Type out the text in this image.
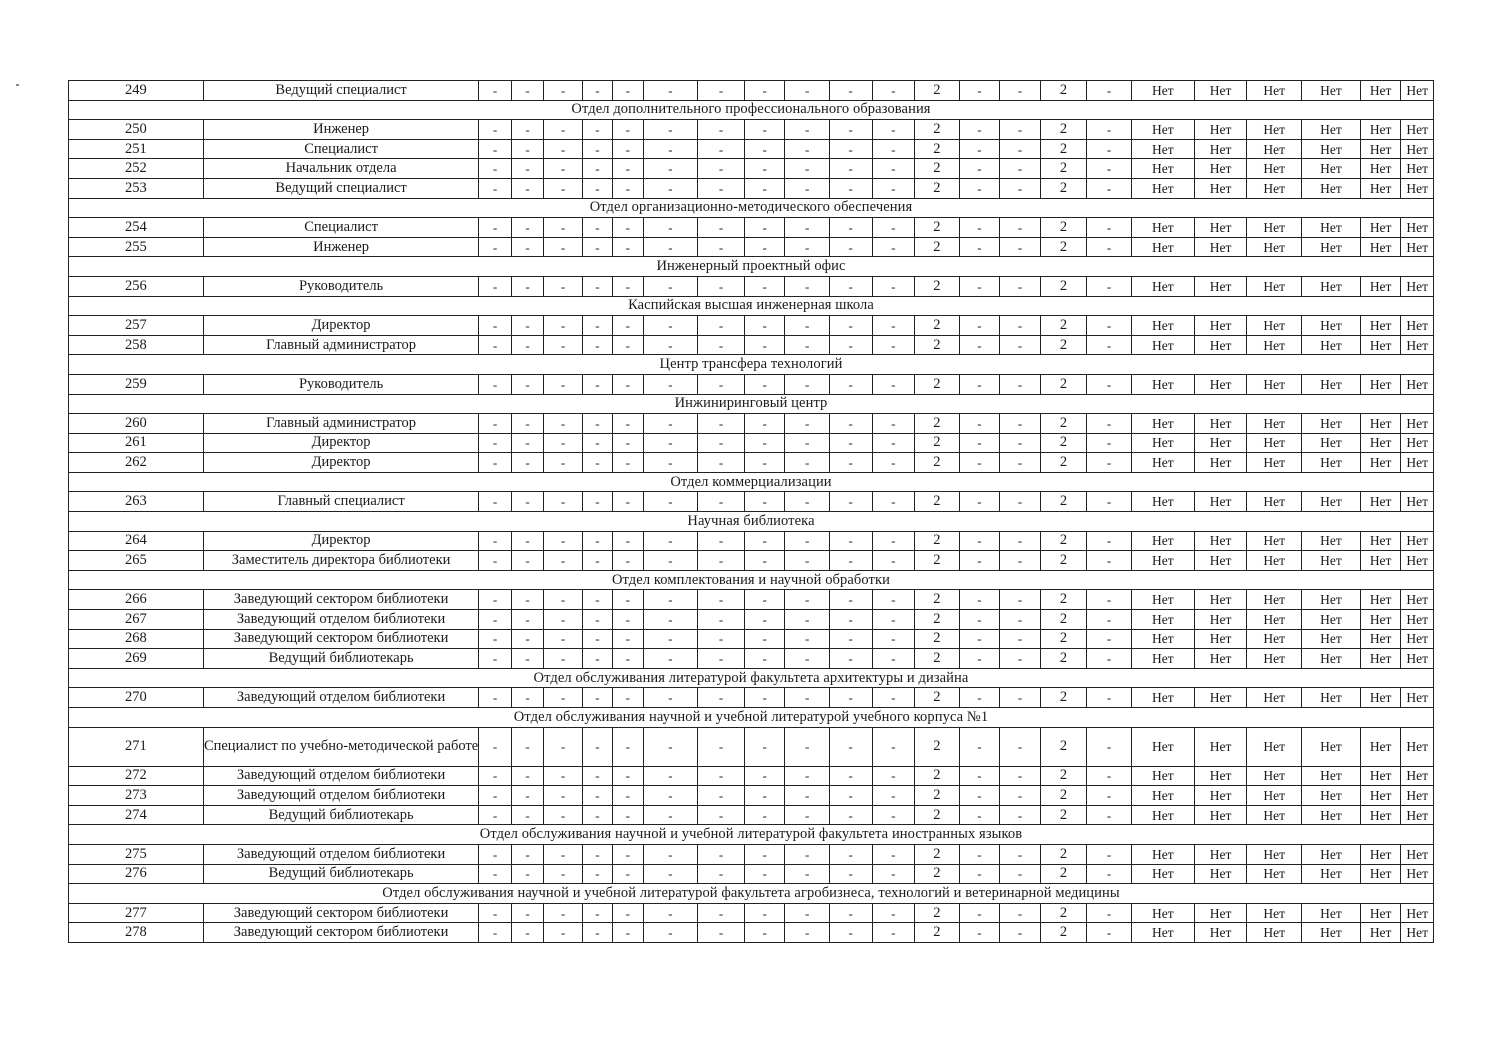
249	Ведущий специалист	-	-	-	-	-	-	-	-	-	-	-	2	-	-	2	-	Нет	Нет	Нет	Нет	Нет	Нет
Отдел дополнительного профессионального образования																							
250	Инженер	-	-	-	-	-	-	-	-	-	-	-	2	-	-	2	-	Нет	Нет	Нет	Нет	Нет	Нет
251	Специалист	-	-	-	-	-	-	-	-	-	-	-	2	-	-	2	-	Нет	Нет	Нет	Нет	Нет	Нет
252	Начальник отдела	-	-	-	-	-	-	-	-	-	-	-	2	-	-	2	-	Нет	Нет	Нет	Нет	Нет	Нет
253	Ведущий специалист	-	-	-	-	-	-	-	-	-	-	-	2	-	-	2	-	Нет	Нет	Нет	Нет	Нет	Нет
Отдел организационно-методического обеспечения																							
254	Специалист	-	-	-	-	-	-	-	-	-	-	-	2	-	-	2	-	Нет	Нет	Нет	Нет	Нет	Нет
255	Инженер	-	-	-	-	-	-	-	-	-	-	-	2	-	-	2	-	Нет	Нет	Нет	Нет	Нет	Нет
Инженерный проектный офис																							
256	Руководитель	-	-	-	-	-	-	-	-	-	-	-	2	-	-	2	-	Нет	Нет	Нет	Нет	Нет	Нет
Каспийская высшая инженерная школа																							
257	Директор	-	-	-	-	-	-	-	-	-	-	-	2	-	-	2	-	Нет	Нет	Нет	Нет	Нет	Нет
258	Главный администратор	-	-	-	-	-	-	-	-	-	-	-	2	-	-	2	-	Нет	Нет	Нет	Нет	Нет	Нет
Центр трансфера технологий																							
259	Руководитель	-	-	-	-	-	-	-	-	-	-	-	2	-	-	2	-	Нет	Нет	Нет	Нет	Нет	Нет
Инжиниринговый центр																							
260	Главный администратор	-	-	-	-	-	-	-	-	-	-	-	2	-	-	2	-	Нет	Нет	Нет	Нет	Нет	Нет
261	Директор	-	-	-	-	-	-	-	-	-	-	-	2	-	-	2	-	Нет	Нет	Нет	Нет	Нет	Нет
262	Директор	-	-	-	-	-	-	-	-	-	-	-	2	-	-	2	-	Нет	Нет	Нет	Нет	Нет	Нет
Отдел коммерциализации																							
263	Главный специалист	-	-	-	-	-	-	-	-	-	-	-	2	-	-	2	-	Нет	Нет	Нет	Нет	Нет	Нет
Научная библиотека																							
264	Директор	-	-	-	-	-	-	-	-	-	-	-	2	-	-	2	-	Нет	Нет	Нет	Нет	Нет	Нет
265	Заместитель директора библиотеки	-	-	-	-	-	-	-	-	-	-	-	2	-	-	2	-	Нет	Нет	Нет	Нет	Нет	Нет
Отдел комплектования и научной обработки																							
266	Заведующий сектором библиотеки	-	-	-	-	-	-	-	-	-	-	-	2	-	-	2	-	Нет	Нет	Нет	Нет	Нет	Нет
267	Заведующий отделом библиотеки	-	-	-	-	-	-	-	-	-	-	-	2	-	-	2	-	Нет	Нет	Нет	Нет	Нет	Нет
268	Заведующий сектором библиотеки	-	-	-	-	-	-	-	-	-	-	-	2	-	-	2	-	Нет	Нет	Нет	Нет	Нет	Нет
269	Ведущий библиотекарь	-	-	-	-	-	-	-	-	-	-	-	2	-	-	2	-	Нет	Нет	Нет	Нет	Нет	Нет
Отдел обслуживания литературой факультета архитектуры и дизайна																							
270	Заведующий отделом библиотеки	-	-	-	-	-	-	-	-	-	-	-	2	-	-	2	-	Нет	Нет	Нет	Нет	Нет	Нет
Отдел обслуживания научной и учебной литературой учебного корпуса №1																							
271	Специалист по учебно-методической работе	-	-	-	-	-	-	-	-	-	-	-	2	-	-	2	-	Нет	Нет	Нет	Нет	Нет	Нет
272	Заведующий отделом библиотеки	-	-	-	-	-	-	-	-	-	-	-	2	-	-	2	-	Нет	Нет	Нет	Нет	Нет	Нет
273	Заведующий отделом библиотеки	-	-	-	-	-	-	-	-	-	-	-	2	-	-	2	-	Нет	Нет	Нет	Нет	Нет	Нет
274	Ведущий библиотекарь	-	-	-	-	-	-	-	-	-	-	-	2	-	-	2	-	Нет	Нет	Нет	Нет	Нет	Нет
Отдел обслуживания научной и учебной литературой факультета иностранных языков																							
275	Заведующий отделом библиотеки	-	-	-	-	-	-	-	-	-	-	-	2	-	-	2	-	Нет	Нет	Нет	Нет	Нет	Нет
276	Ведущий библиотекарь	-	-	-	-	-	-	-	-	-	-	-	2	-	-	2	-	Нет	Нет	Нет	Нет	Нет	Нет
Отдел обслуживания научной и учебной литературой факультета агробизнеса, технологий и ветеринарной медицины																							
277	Заведующий сектором библиотеки	-	-	-	-	-	-	-	-	-	-	-	2	-	-	2	-	Нет	Нет	Нет	Нет	Нет	Нет
278	Заведующий сектором библиотеки	-	-	-	-	-	-	-	-	-	-	-	2	-	-	2	-	Нет	Нет	Нет	Нет	Нет	Нет
